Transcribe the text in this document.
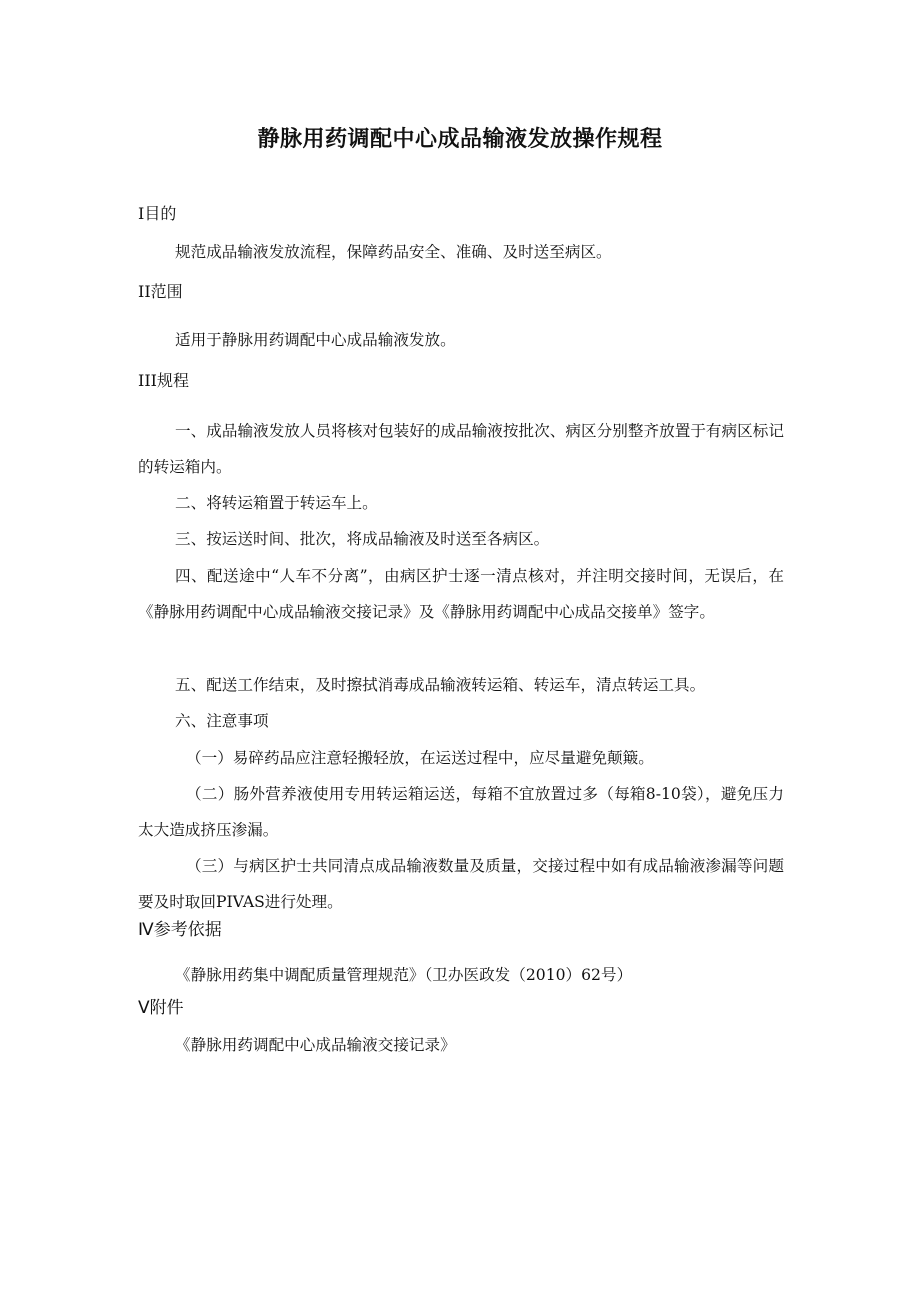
静脉用药调配中心成品输液发放操作规程

I目的

规范成品输液发放流程，保障药品安全、准确、及时送至病区。

II范围

适用于静脉用药调配中心成品输液发放。

III规程

一、成品输液发放人员将核对包装好的成品输液按批次、病区分别整齐放置于有病区标记的转运箱内。

二、将转运箱置于转运车上。

三、按运送时间、批次，将成品输液及时送至各病区。

四、配送途中“人车不分离”，由病区护士逐一清点核对，并注明交接时间，无误后，在《静脉用药调配中心成品输液交接记录》及《静脉用药调配中心成品交接单》签字。

五、配送工作结束，及时擦拭消毒成品输液转运箱、转运车，清点转运工具。

六、注意事项

（一）易碎药品应注意轻搬轻放，在运送过程中，应尽量避免颠簸。

（二）肠外营养液使用专用转运箱运送，每箱不宜放置过多（每箱8-10袋），避免压力太大造成挤压渗漏。

（三）与病区护士共同清点成品输液数量及质量，交接过程中如有成品输液渗漏等问题要及时取回PIVAS进行处理。

Ⅳ参考依据

《静脉用药集中调配质量管理规范》（卫办医政发（2010）62号）

Ⅴ附件

《静脉用药调配中心成品输液交接记录》
